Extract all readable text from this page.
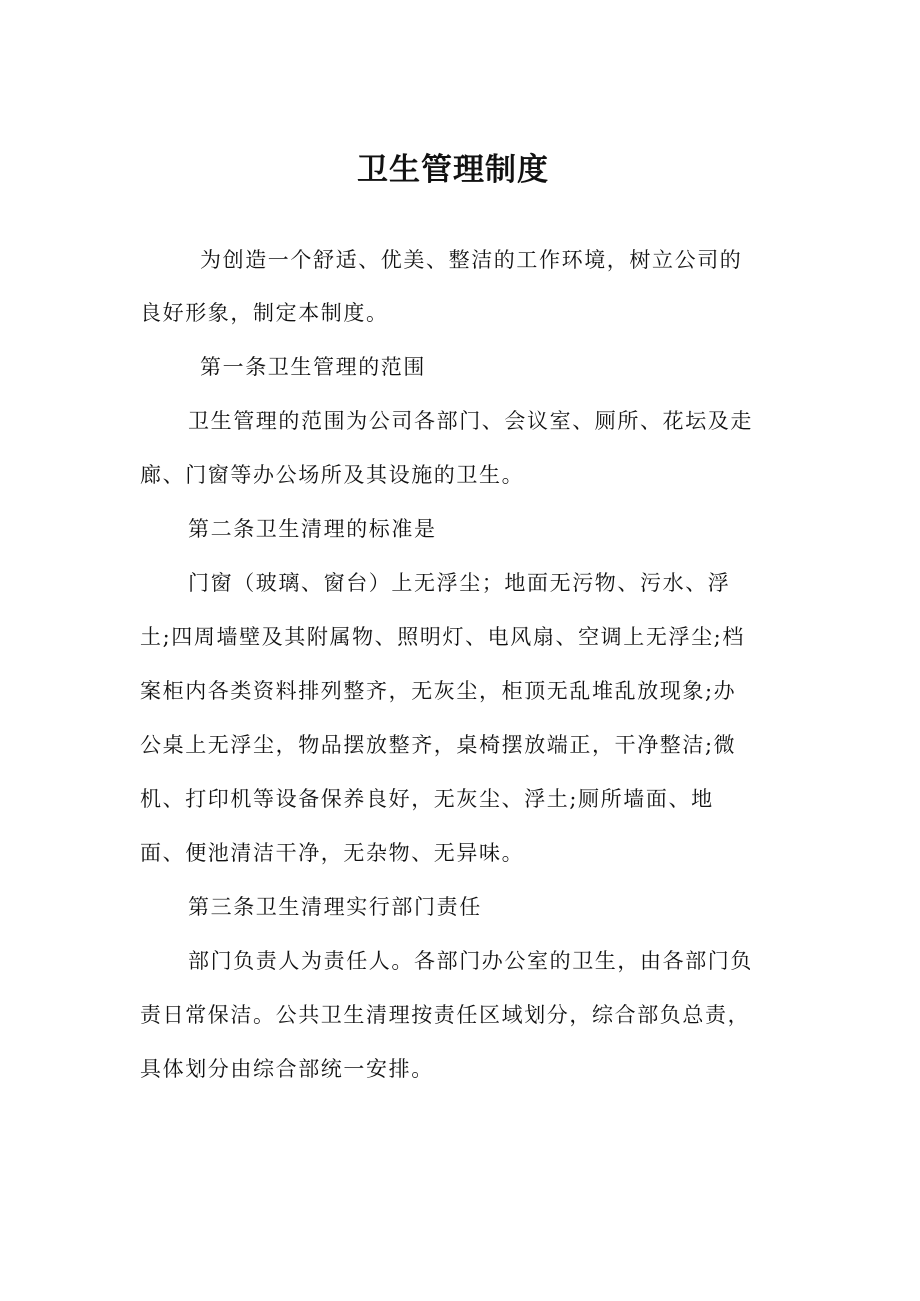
卫生管理制度

为创造一个舒适、优美、整洁的工作环境，树立公司的

良好形象，制定本制度。

第一条卫生管理的范围

卫生管理的范围为公司各部门、会议室、厕所、花坛及走

廊、门窗等办公场所及其设施的卫生。

第二条卫生清理的标准是

门窗（玻璃、窗台）上无浮尘；地面无污物、污水、浮

土;四周墙壁及其附属物、照明灯、电风扇、空调上无浮尘;档

案柜内各类资料排列整齐，无灰尘，柜顶无乱堆乱放现象;办

公桌上无浮尘，物品摆放整齐，桌椅摆放端正，干净整洁;微

机、打印机等设备保养良好，无灰尘、浮土;厕所墙面、地

面、便池清洁干净，无杂物、无异味。

第三条卫生清理实行部门责任

部门负责人为责任人。各部门办公室的卫生，由各部门负

责日常保洁。公共卫生清理按责任区域划分，综合部负总责，

具体划分由综合部统一安排。
